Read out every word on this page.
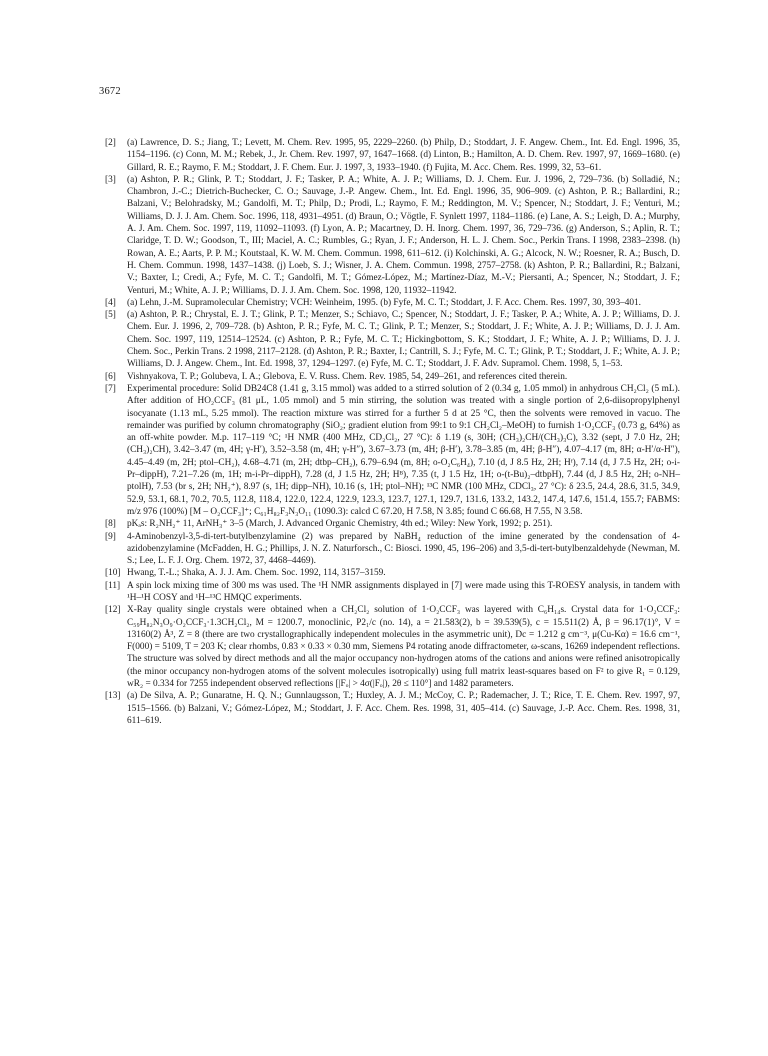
3672
[2]	(a) Lawrence, D. S.; Jiang, T.; Levett, M. Chem. Rev. 1995, 95, 2229–2260. (b) Philp, D.; Stoddart, J. F. Angew. Chem., Int. Ed. Engl. 1996, 35, 1154–1196. (c) Conn, M. M.; Rebek, J., Jr. Chem. Rev. 1997, 97, 1647–1668. (d) Linton, B.; Hamilton, A. D. Chem. Rev. 1997, 97, 1669–1680. (e) Gillard, R. E.; Raymo, F. M.; Stoddart, J. F. Chem. Eur. J. 1997, 3, 1933–1940. (f) Fujita, M. Acc. Chem. Res. 1999, 32, 53–61.
[3]	(a) Ashton, P. R.; Glink, P. T.; Stoddart, J. F.; Tasker, P. A.; White, A. J. P.; Williams, D. J. Chem. Eur. J. 1996, 2, 729–736. (b) Solladié, N.; Chambron, J.-C.; Dietrich-Buchecker, C. O.; Sauvage, J.-P. Angew. Chem., Int. Ed. Engl. 1996, 35, 906–909. (c) Ashton, P. R.; Ballardini, R.; Balzani, V.; Belohradsky, M.; Gandolfi, M. T.; Philp, D.; Prodi, L.; Raymo, F. M.; Reddington, M. V.; Spencer, N.; Stoddart, J. F.; Venturi, M.; Williams, D. J. J. Am. Chem. Soc. 1996, 118, 4931–4951. (d) Braun, O.; Vögtle, F. Synlett 1997, 1184–1186. (e) Lane, A. S.; Leigh, D. A.; Murphy, A. J. Am. Chem. Soc. 1997, 119, 11092–11093. (f) Lyon, A. P.; Macartney, D. H. Inorg. Chem. 1997, 36, 729–736. (g) Anderson, S.; Aplin, R. T.; Claridge, T. D. W.; Goodson, T., III; Maciel, A. C.; Rumbles, G.; Ryan, J. F.; Anderson, H. L. J. Chem. Soc., Perkin Trans. I 1998, 2383–2398. (h) Rowan, A. E.; Aarts, P. P. M.; Koutstaal, K. W. M. Chem. Commun. 1998, 611–612. (i) Kolchinski, A. G.; Alcock, N. W.; Roesner, R. A.; Busch, D. H. Chem. Commun. 1998, 1437–1438. (j) Loeb, S. J.; Wisner, J. A. Chem. Commun. 1998, 2757–2758. (k) Ashton, P. R.; Ballardini, R.; Balzani, V.; Baxter, I.; Credi, A.; Fyfe, M. C. T.; Gandolfi, M. T.; Gómez-López, M.; Martínez-Díaz, M.-V.; Piersanti, A.; Spencer, N.; Stoddart, J. F.; Venturi, M.; White, A. J. P.; Williams, D. J. J. Am. Chem. Soc. 1998, 120, 11932–11942.
[4]	(a) Lehn, J.-M. Supramolecular Chemistry; VCH: Weinheim, 1995. (b) Fyfe, M. C. T.; Stoddart, J. F. Acc. Chem. Res. 1997, 30, 393–401.
[5]	(a) Ashton, P. R.; Chrystal, E. J. T.; Glink, P. T.; Menzer, S.; Schiavo, C.; Spencer, N.; Stoddart, J. F.; Tasker, P. A.; White, A. J. P.; Williams, D. J. Chem. Eur. J. 1996, 2, 709–728. (b) Ashton, P. R.; Fyfe, M. C. T.; Glink, P. T.; Menzer, S.; Stoddart, J. F.; White, A. J. P.; Williams, D. J. J. Am. Chem. Soc. 1997, 119, 12514–12524. (c) Ashton, P. R.; Fyfe, M. C. T.; Hickingbottom, S. K.; Stoddart, J. F.; White, A. J. P.; Williams, D. J. J. Chem. Soc., Perkin Trans. 2 1998, 2117–2128. (d) Ashton, P. R.; Baxter, I.; Cantrill, S. J.; Fyfe, M. C. T.; Glink, P. T.; Stoddart, J. F.; White, A. J. P.; Williams, D. J. Angew. Chem., Int. Ed. 1998, 37, 1294–1297. (e) Fyfe, M. C. T.; Stoddart, J. F. Adv. Supramol. Chem. 1998, 5, 1–53.
[6]	Vishnyakova, T. P.; Golubeva, I. A.; Glebova, E. V. Russ. Chem. Rev. 1985, 54, 249–261, and references cited therein.
[7]	Experimental procedure: Solid DB24C8 (1.41 g, 3.15 mmol) was added to a stirred solution of 2 (0.34 g, 1.05 mmol) in anhydrous CH₂Cl₂ (5 mL). After addition of HO₂CCF₃ (81 μL, 1.05 mmol) and 5 min stirring, the solution was treated with a single portion of 2,6-diisopropylphenyl isocyanate (1.13 mL, 5.25 mmol). The reaction mixture was stirred for a further 5 d at 25 °C, then the solvents were removed in vacuo. The remainder was purified by column chromatography (SiO₂; gradient elution from 99:1 to 9:1 CH₂Cl₂–MeOH) to furnish 1·O₂CCF₃ (0.73 g, 64%) as an off-white powder. M.p. 117–119 °C; ¹H NMR (400 MHz, CD₂Cl₂, 27 °C): δ 1.19 (s, 30H; (CH₃)₂CH/(CH₃)₃C), 3.32 (sept, J 7.0 Hz, 2H; (CH₃)₂CH), 3.42–3.47 (m, 4H; γ-H′), 3.52–3.58 (m, 4H; γ-H″), 3.67–3.73 (m, 4H; β-H′), 3.78–3.85 (m, 4H; β-H″), 4.07–4.17 (m, 8H; α-H′/α-H″), 4.45–4.49 (m, 2H; ptol–CH₂), 4.68–4.71 (m, 2H; dtbp–CH₂), 6.79–6.94 (m, 8H; o-O₂C₆H₄), 7.10 (d, J 8.5 Hz, 2H; Hᶠ), 7.14 (d, J 7.5 Hz, 2H; o-i-Pr–dippH), 7.21–7.26 (m, 1H; m-i-Pr–dippH), 7.28 (d, J 1.5 Hz, 2H; Hᴮ), 7.35 (t, J 1.5 Hz, 1H; o-(t-Bu)₂–dtbpH), 7.44 (d, J 8.5 Hz, 2H; o-NH–ptolH), 7.53 (br s, 2H; NH₂⁺), 8.97 (s, 1H; dipp–NH), 10.16 (s, 1H; ptol–NH); ¹³C NMR (100 MHz, CDCl₃, 27 °C): δ 23.5, 24.4, 28.6, 31.5, 34.9, 52.9, 53.1, 68.1, 70.2, 70.5, 112.8, 118.4, 122.0, 122.4, 122.9, 123.3, 123.7, 127.1, 129.7, 131.6, 133.2, 143.2, 147.4, 147.6, 151.4, 155.7; FABMS: m/z 976 (100%) [M – O₂CCF₃]⁺; C₆₁H₈₂F₃N₃O₁₁ (1090.3): calcd C 67.20, H 7.58, N 3.85; found C 66.68, H 7.55, N 3.58.
[8]	pKₐs: R₂NH₂⁺ 11, ArNH₃⁺ 3–5 (March, J. Advanced Organic Chemistry, 4th ed.; Wiley: New York, 1992; p. 251).
[9]	4-Aminobenzyl-3,5-di-tert-butylbenzylamine (2) was prepared by NaBH₄ reduction of the imine generated by the condensation of 4-azidobenzylamine (McFadden, H. G.; Phillips, J. N. Z. Naturforsch., C: Biosci. 1990, 45, 196–206) and 3,5-di-tert-butylbenzaldehyde (Newman, M. S.; Lee, L. F. J. Org. Chem. 1972, 37, 4468–4469).
[10] Hwang, T.-L.; Shaka, A. J. J. Am. Chem. Soc. 1992, 114, 3157–3159.
[11] A spin lock mixing time of 300 ms was used. The ¹H NMR assignments displayed in [7] were made using this T-ROESY analysis, in tandem with ¹H–¹H COSY and ¹H–¹³C HMQC experiments.
[12] X-Ray quality single crystals were obtained when a CH₂Cl₂ solution of 1·O₂CCF₃ was layered with C₆H₁₄s. Crystal data for 1·O₂CCF₃: C₅₉H₈₂N₃O₉·O₂CCF₃·1.3CH₂Cl₂, M = 1200.7, monoclinic, P2₁/c (no. 14), a = 21.583(2), b = 39.539(5), c = 15.511(2) Å, β = 96.17(1)°, V = 13160(2) Å³, Z = 8 (there are two crystallographically independent molecules in the asymmetric unit), Dc = 1.212 g cm⁻³, μ(Cu-Kα) = 16.6 cm⁻¹, F(000) = 5109, T = 203 K; clear rhombs, 0.83 × 0.33 × 0.30 mm, Siemens P4 rotating anode diffractometer, ω-scans, 16269 independent reflections. The structure was solved by direct methods and all the major occupancy non-hydrogen atoms of the cations and anions were refined anisotropically (the minor occupancy non-hydrogen atoms of the solvent molecules isotropically) using full matrix least-squares based on F² to give R₁ = 0.129, wR₂ = 0.334 for 7255 independent observed reflections [|Fₒ| > 4σ(|Fₒ|), 2θ ≤ 110°] and 1482 parameters.
[13] (a) De Silva, A. P.; Gunaratne, H. Q. N.; Gunnlaugsson, T.; Huxley, A. J. M.; McCoy, C. P.; Rademacher, J. T.; Rice, T. E. Chem. Rev. 1997, 97, 1515–1566. (b) Balzani, V.; Gómez-López, M.; Stoddart, J. F. Acc. Chem. Res. 1998, 31, 405–414. (c) Sauvage, J.-P. Acc. Chem. Res. 1998, 31, 611–619.
